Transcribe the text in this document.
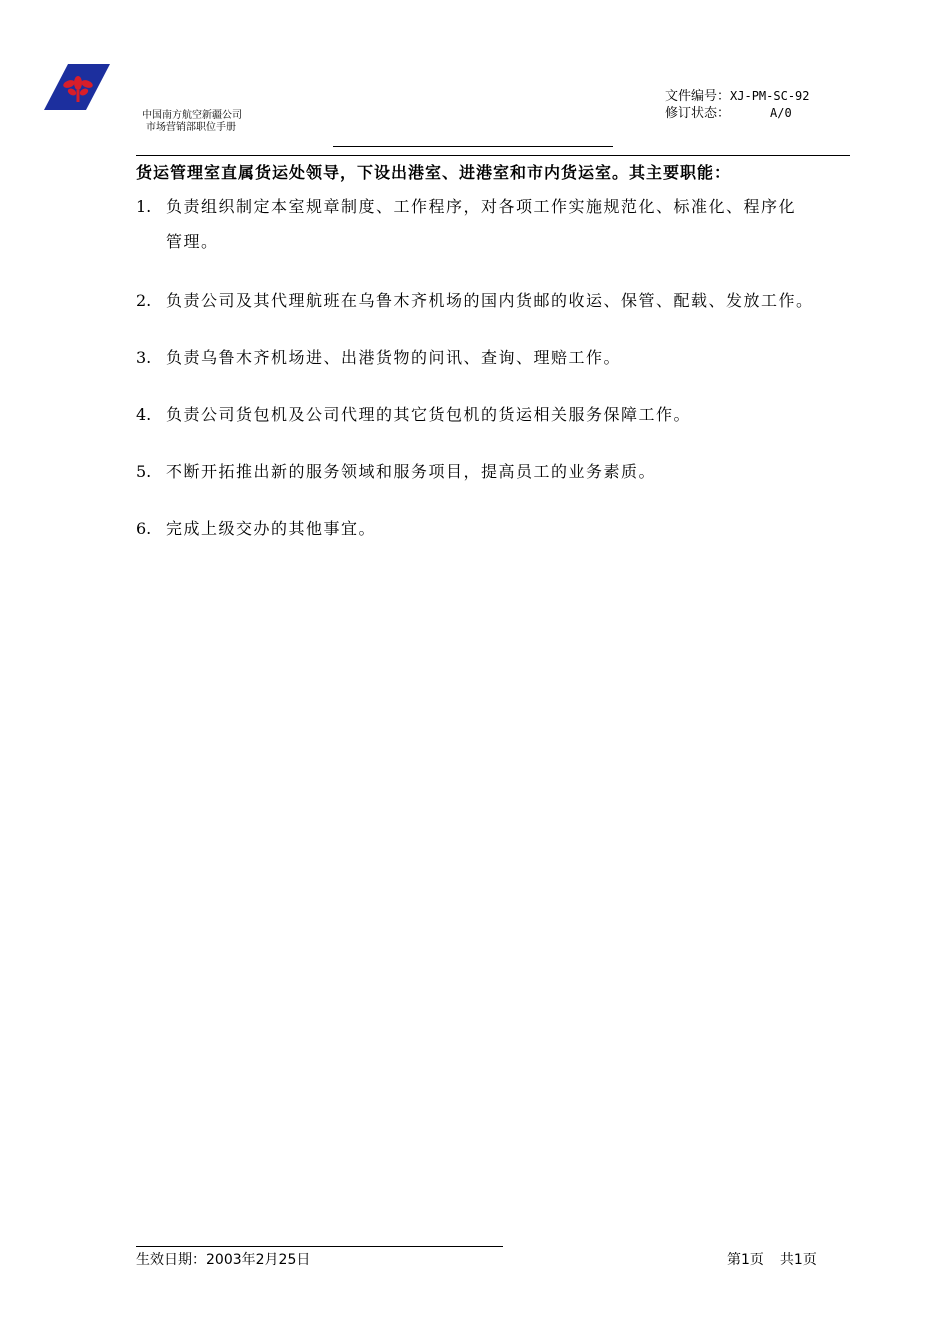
中国南方航空新疆公司
市场营销部职位手册
文件编号：XJ-PM-SC-92
修订状态：	A/0
货运管理室直属货运处领导，下设出港室、进港室和市内货运室。其主要职能：
1. 负责组织制定本室规章制度、工作程序，对各项工作实施规范化、标准化、程序化
管理。
2. 负责公司及其代理航班在乌鲁木齐机场的国内货邮的收运、保管、配载、发放工作。
3. 负责乌鲁木齐机场进、出港货物的问讯、查询、理赔工作。
4. 负责公司货包机及公司代理的其它货包机的货运相关服务保障工作。
5. 不断开拓推出新的服务领域和服务项目，提高员工的业务素质。
6. 完成上级交办的其他事宜。
生效日期：2003年2月25日	第1页 共1页
